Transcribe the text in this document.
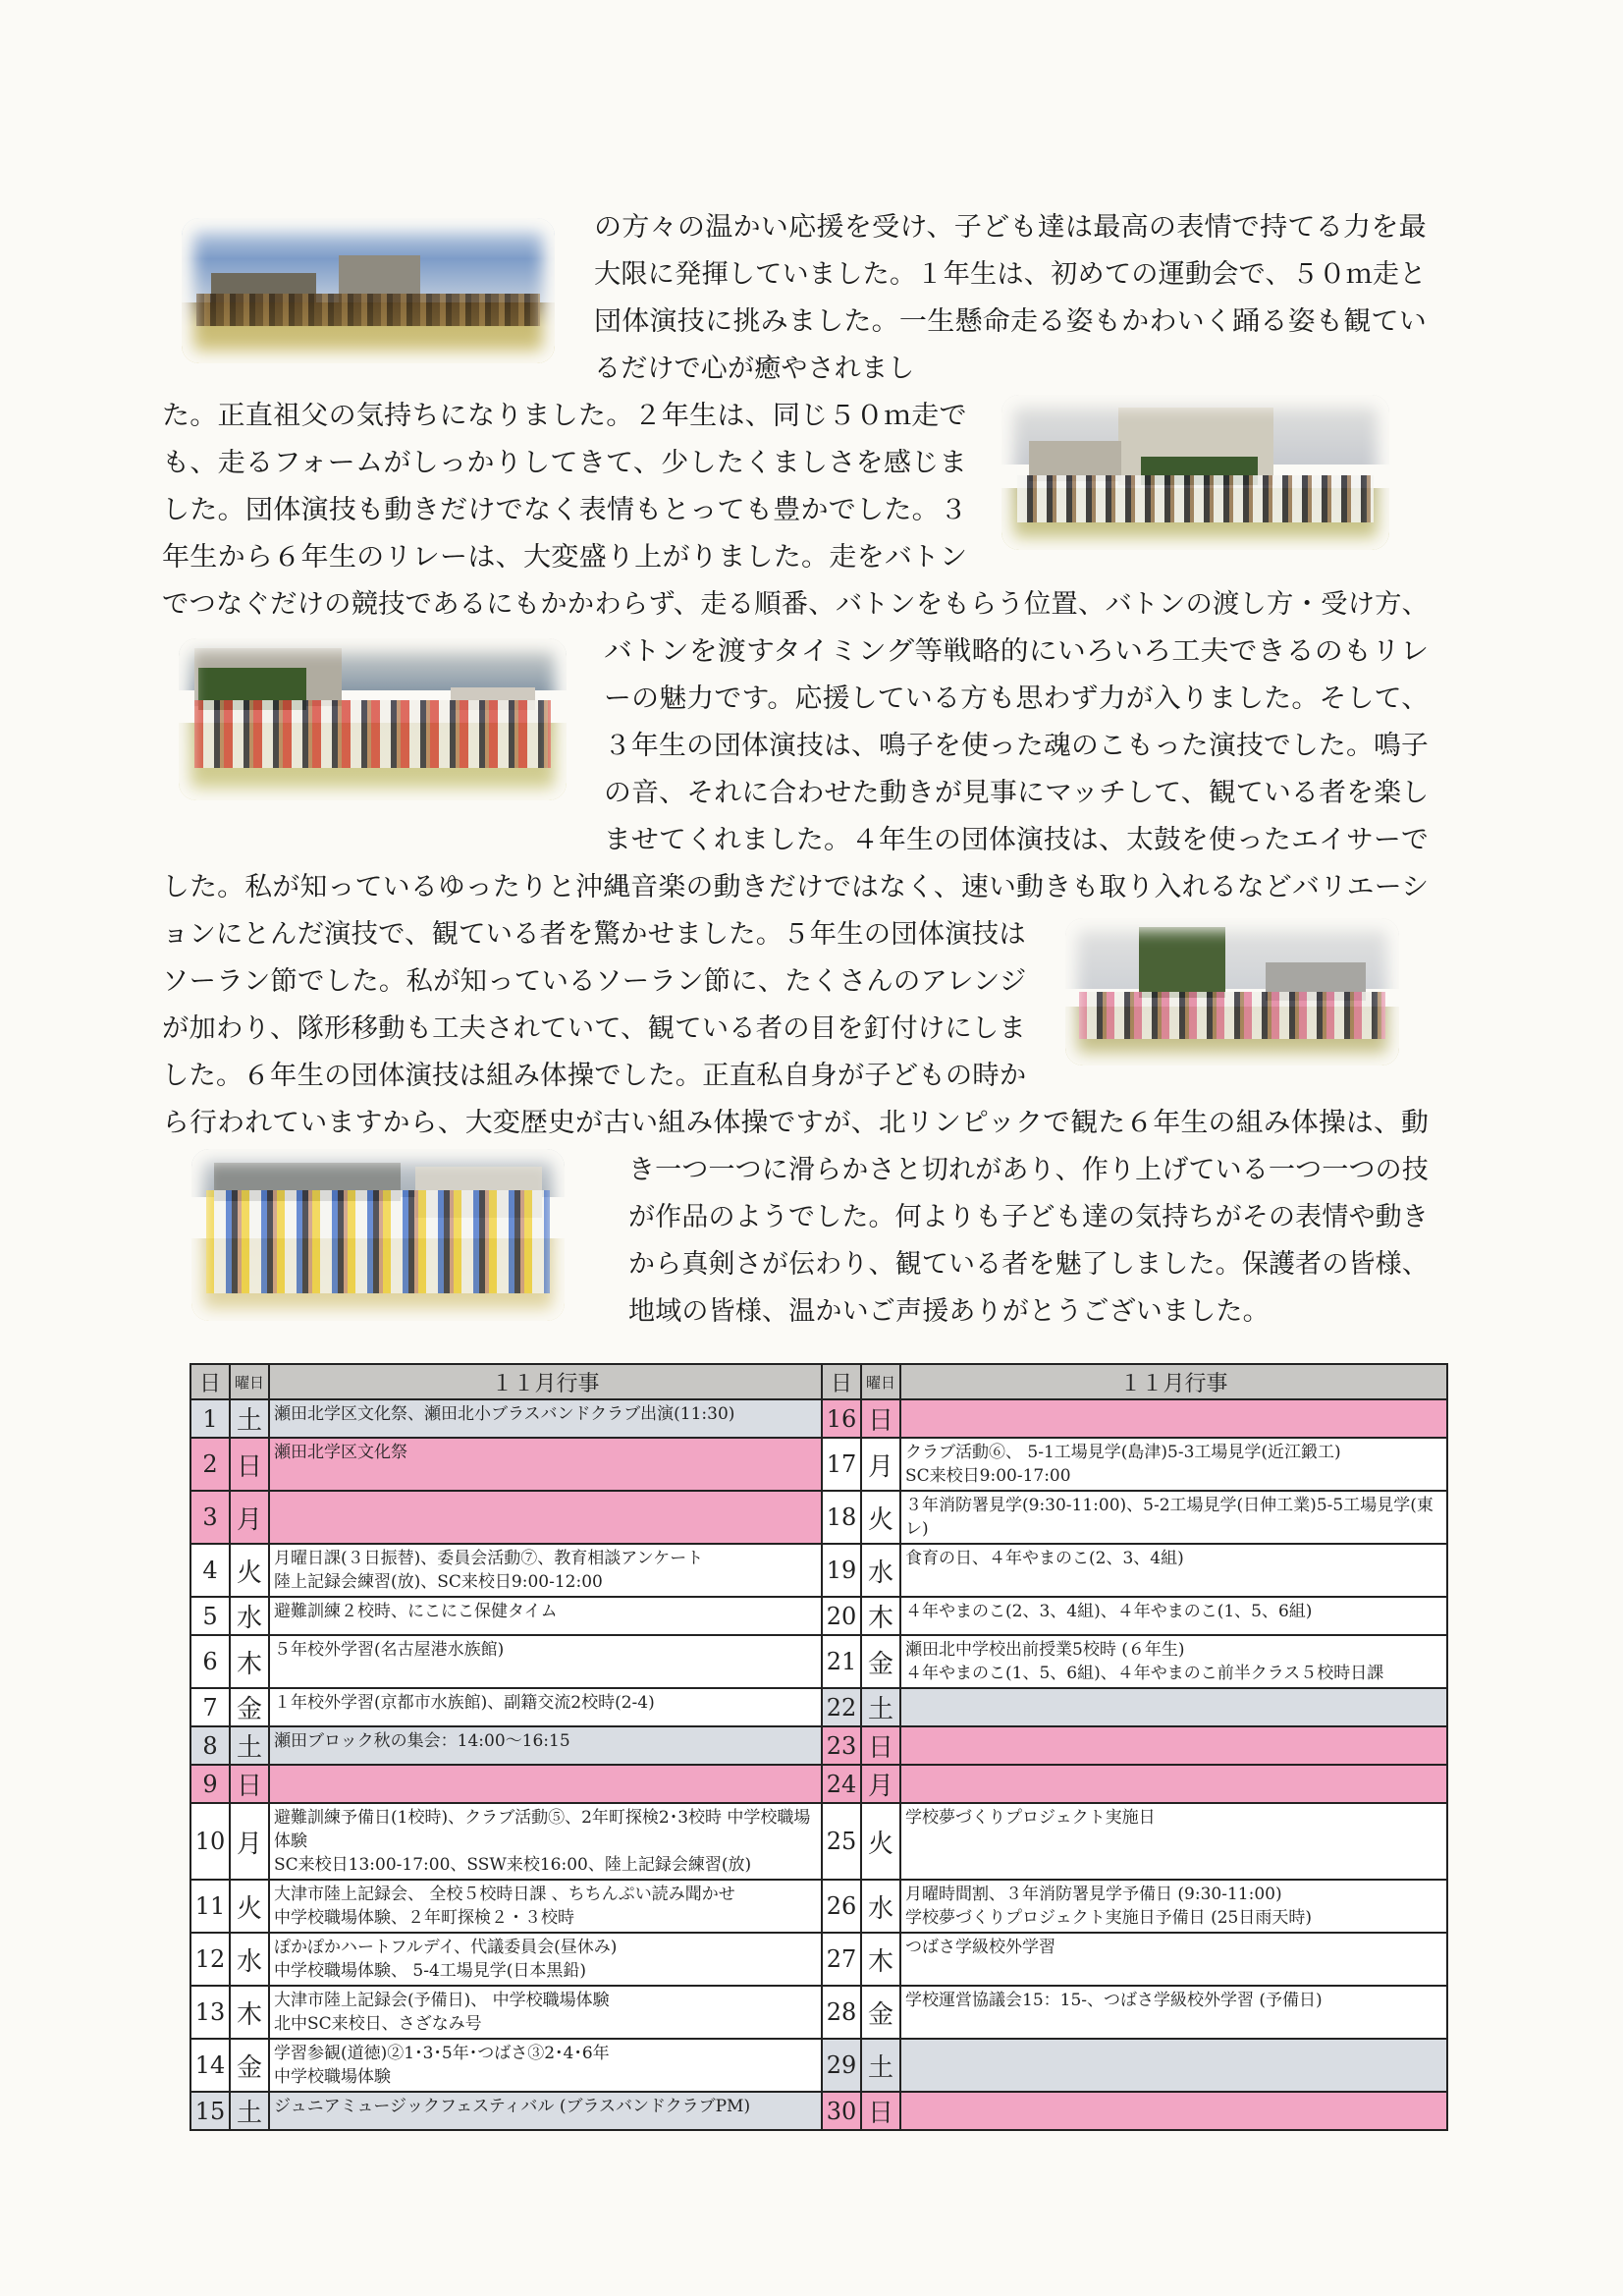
の方々の温かい応援を受け、子ども達は最高の表情で持てる力を最
大限に発揮していました。１年生は、初めての運動会で、５０ｍ走と
団体演技に挑みました。一生懸命走る姿もかわいく踊る姿も観てい
るだけで心が癒やされまし
た。正直祖父の気持ちになりました。２年生は、同じ５０ｍ走で
も、走るフォームがしっかりしてきて、少したくましさを感じま
した。団体演技も動きだけでなく表情もとっても豊かでした。３
年生から６年生のリレーは、大変盛り上がりました。走をバトン
でつなぐだけの競技であるにもかかわらず、走る順番、バトンをもらう位置、バトンの渡し方・受け方、
バトンを渡すタイミング等戦略的にいろいろ工夫できるのもリレ
ーの魅力です。応援している方も思わず力が入りました。そして、
３年生の団体演技は、鳴子を使った魂のこもった演技でした。鳴子
の音、それに合わせた動きが見事にマッチして、観ている者を楽し
ませてくれました。４年生の団体演技は、太鼓を使ったエイサーで
した。私が知っているゆったりと沖縄音楽の動きだけではなく、速い動きも取り入れるなどバリエーシ
ョンにとんだ演技で、観ている者を驚かせました。５年生の団体演技は
ソーラン節でした。私が知っているソーラン節に、たくさんのアレンジ
が加わり、隊形移動も工夫されていて、観ている者の目を釘付けにしま
した。６年生の団体演技は組み体操でした。正直私自身が子どもの時か
ら行われていますから、大変歴史が古い組み体操ですが、北リンピックで観た６年生の組み体操は、動
き一つ一つに滑らかさと切れがあり、作り上げている一つ一つの技
が作品のようでした。何よりも子ども達の気持ちがその表情や動き
から真剣さが伝わり、観ている者を魅了しました。保護者の皆様、
地域の皆様、温かいご声援ありがとうございました。
日	曜日	１１月行事	日	曜日	１１月行事
1	土	瀬田北学区文化祭、瀬田北小ブラスバンドクラブ出演(11:30)	16	日	
2	日	瀬田北学区文化祭	17	月	クラブ活動⑥、 5-1工場見学(島津)5-3工場見学(近江鍛工)
SC来校日9:00-17:00
3	月		18	火	３年消防署見学(9:30-11:00)、5-2工場見学(日伸工業)5-5工場見学(東レ)
4	火	月曜日課(３日振替)、委員会活動⑦、教育相談アンケート
陸上記録会練習(放)、SC来校日9:00-12:00	19	水	食育の日、４年やまのこ(2、3、4組)
5	水	避難訓練２校時、にこにこ保健タイム	20	木	４年やまのこ(2、3、4組)、４年やまのこ(1、5、6組)
6	木	５年校外学習(名古屋港水族館)	21	金	瀬田北中学校出前授業5校時 (６年生)
４年やまのこ(1、5、6組)、４年やまのこ前半クラス５校時日課
7	金	１年校外学習(京都市水族館)、副籍交流2校時(2-4)	22	土	
8	土	瀬田ブロック秋の集会：14:00～16:15	23	日	
9	日		24	月	
10	月	避難訓練予備日(1校時)、クラブ活動⑤、2年町探検2･3校時 中学校職場体験
SC来校日13:00-17:00、SSW来校16:00、陸上記録会練習(放)	25	火	学校夢づくりプロジェクト実施日
11	火	大津市陸上記録会、 全校５校時日課 、ちちんぷい読み聞かせ
中学校職場体験、２年町探検２・３校時	26	水	月曜時間割、３年消防署見学予備日 (9:30-11:00)
学校夢づくりプロジェクト実施日予備日 (25日雨天時)
12	水	ぽかぽかハートフルデイ、代議委員会(昼休み)
中学校職場体験、 5-4工場見学(日本黒鉛)	27	木	つばさ学級校外学習
13	木	大津市陸上記録会(予備日)、 中学校職場体験
北中SC来校日、さざなみ号	28	金	学校運営協議会15：15-、つばさ学級校外学習 (予備日)
14	金	学習参観(道徳)②1･3･5年･つばさ③2･4･6年
中学校職場体験	29	土	
15	土	ジュニアミュージックフェスティバル (ブラスバンドクラブPM)	30	日	
